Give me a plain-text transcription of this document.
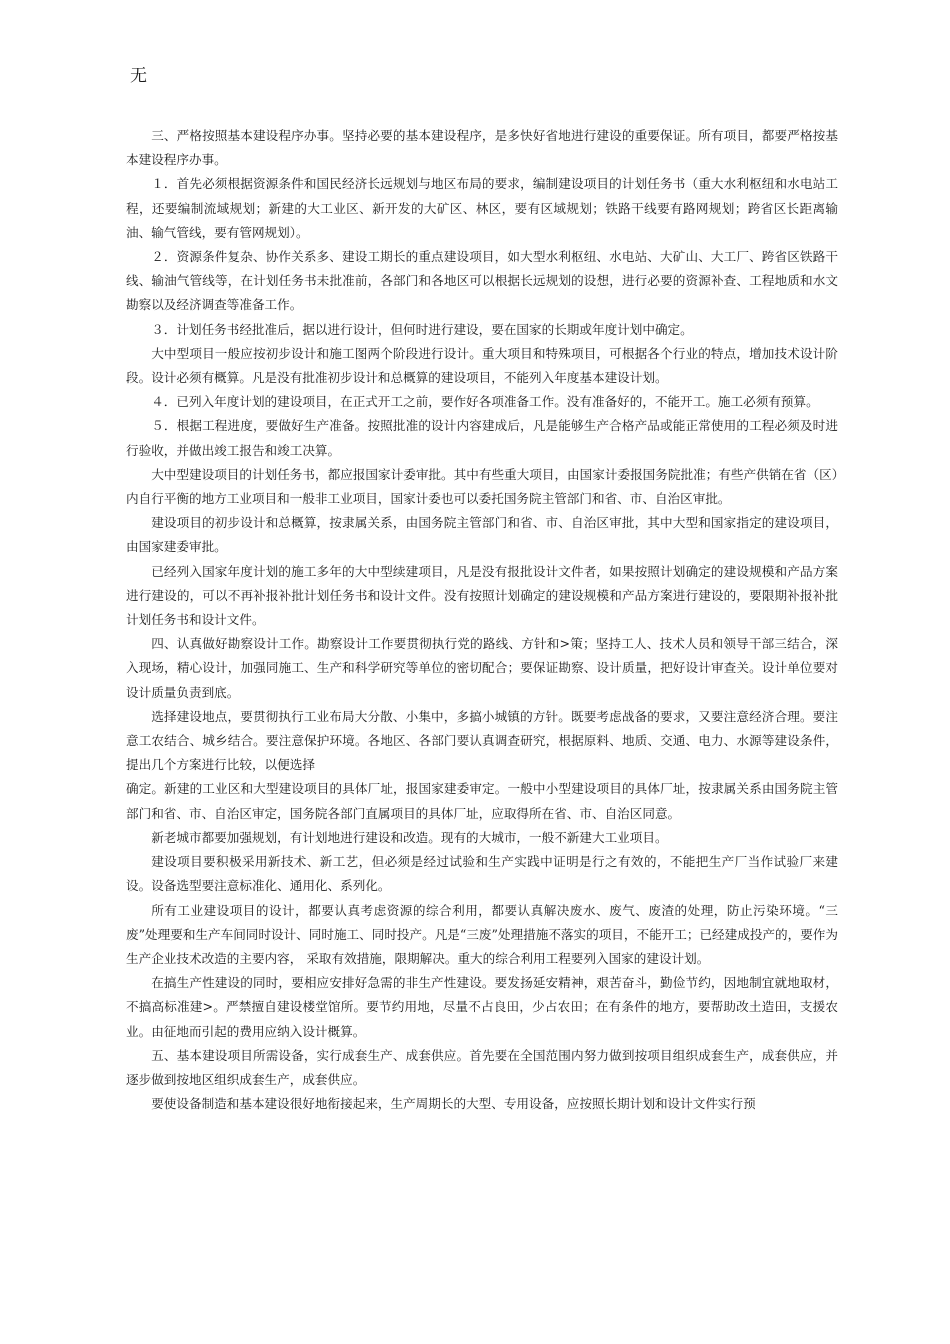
无

三、严格按照基本建设程序办事。坚持必要的基本建设程序，是多快好省地进行建设的重要保证。所有项目，都要严格按基本建设程序办事。

１．首先必须根据资源条件和国民经济长远规划与地区布局的要求，编制建设项目的计划任务书（重大水利枢纽和水电站工程，还要编制流域规划；新建的大工业区、新开发的大矿区、林区，要有区域规划；铁路干线要有路网规划；跨省区长距离输油、输气管线，要有管网规划）。

２．资源条件复杂、协作关系多、建设工期长的重点建设项目，如大型水利枢纽、水电站、大矿山、大工厂、跨省区铁路干线、输油气管线等，在计划任务书未批准前，各部门和各地区可以根据长远规划的设想，进行必要的资源补查、工程地质和水文勘察以及经济调查等准备工作。

３．计划任务书经批准后，据以进行设计，但何时进行建设，要在国家的长期或年度计划中确定。

大中型项目一般应按初步设计和施工图两个阶段进行设计。重大项目和特殊项目，可根据各个行业的特点，增加技术设计阶段。设计必须有概算。凡是没有批准初步设计和总概算的建设项目，不能列入年度基本建设计划。

４．已列入年度计划的建设项目，在正式开工之前，要作好各项准备工作。没有准备好的，不能开工。施工必须有预算。

５．根据工程进度，要做好生产准备。按照批准的设计内容建成后，凡是能够生产合格产品或能正常使用的工程必须及时进行验收，并做出竣工报告和竣工决算。

大中型建设项目的计划任务书，都应报国家计委审批。其中有些重大项目，由国家计委报国务院批准；有些产供销在省（区）内自行平衡的地方工业项目和一般非工业项目，国家计委也可以委托国务院主管部门和省、市、自治区审批。

建设项目的初步设计和总概算，按隶属关系，由国务院主管部门和省、市、自治区审批，其中大型和国家指定的建设项目，由国家建委审批。

已经列入国家年度计划的施工多年的大中型续建项目，凡是没有报批设计文件者，如果按照计划确定的建设规模和产品方案进行建设的，可以不再补报补批计划任务书和设计文件。没有按照计划确定的建设规模和产品方案进行建设的，要限期补报补批计划任务书和设计文件。

四、认真做好勘察设计工作。勘察设计工作要贯彻执行党的路线、方针和>策；坚持工人、技术人员和领导干部三结合，深入现场，精心设计，加强同施工、生产和科学研究等单位的密切配合；要保证勘察、设计质量，把好设计审查关。设计单位要对设计质量负责到底。

选择建设地点，要贯彻执行工业布局大分散、小集中，多搞小城镇的方针。既要考虑战备的要求，又要注意经济合理。要注意工农结合、城乡结合。要注意保护环境。各地区、各部门要认真调查研究，根据原料、地质、交通、电力、水源等建设条件，提出几个方案进行比较，以便选择

确定。新建的工业区和大型建设项目的具体厂址，报国家建委审定。一般中小型建设项目的具体厂址，按隶属关系由国务院主管部门和省、市、自治区审定，国务院各部门直属项目的具体厂址，应取得所在省、市、自治区同意。

新老城市都要加强规划，有计划地进行建设和改造。现有的大城市，一般不新建大工业项目。

建设项目要积极采用新技术、新工艺，但必须是经过试验和生产实践中证明是行之有效的，不能把生产厂当作试验厂来建设。设备选型要注意标准化、通用化、系列化。

所有工业建设项目的设计，都要认真考虑资源的综合利用，都要认真解决废水、废气、废渣的处理，防止污染环境。“三废”处理要和生产车间同时设计、同时施工、同时投产。凡是“三废”处理措施不落实的项目，不能开工；已经建成投产的，要作为生产企业技术改造的主要内容， 采取有效措施，限期解决。重大的综合利用工程要列入国家的建设计划。

在搞生产性建设的同时，要相应安排好急需的非生产性建设。要发扬延安精神，艰苦奋斗，勤俭节约，因地制宜就地取材，不搞高标准建>。严禁擅自建设楼堂馆所。要节约用地，尽量不占良田，少占农田；在有条件的地方，要帮助改土造田，支援农业。由征地而引起的费用应纳入设计概算。

五、基本建设项目所需设备，实行成套生产、成套供应。首先要在全国范围内努力做到按项目组织成套生产，成套供应，并逐步做到按地区组织成套生产，成套供应。

要使设备制造和基本建设很好地衔接起来，生产周期长的大型、专用设备，应按照长期计划和设计文件实行预
